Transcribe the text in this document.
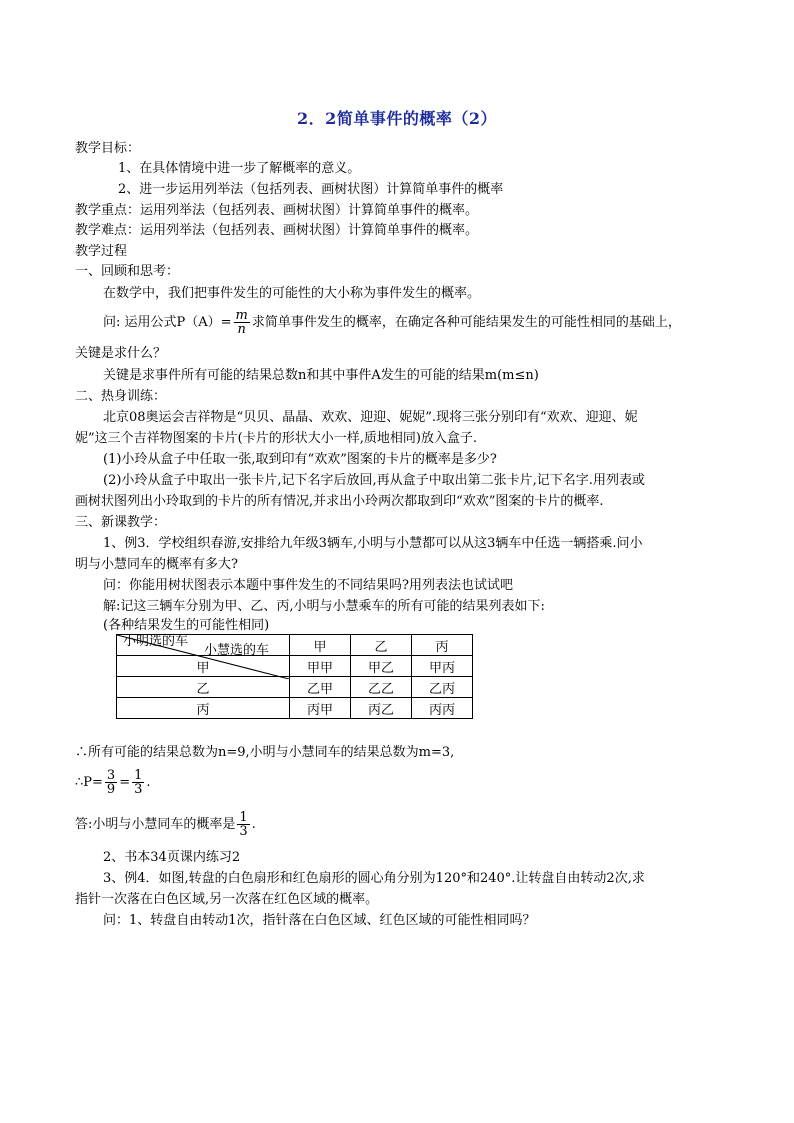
2．2简单事件的概率（2）
教学目标：
1、在具体情境中进一步了解概率的意义。
2、进一步运用列举法（包括列表、画树状图）计算简单事件的概率
教学重点：运用列举法（包括列表、画树状图）计算简单事件的概率。
教学难点：运用列举法（包括列表、画树状图）计算简单事件的概率。
教学过程
一、回顾和思考：
在数学中，我们把事件发生的可能性的大小称为事件发生的概率。
问: 运用公式$P(A)= \frac{m}{n}$ 求简单事件发生的概率，在确定各种可能结果发生的可能性相同的基础上，
关键是求什么？
关键是求事件所有可能的结果总数n和其中事件A发生的可能的结果m(m≤n)
二、热身训练：
北京08奥运会吉祥物是“贝贝、晶晶、欢欢、迎迎、妮妮”.现将三张分别印有“欢欢、迎迎、妮
妮”这三个吉祥物图案的卡片(卡片的形状大小一样,质地相同)放入盒子.
(1)小玲从盒子中任取一张,取到印有“欢欢”图案的卡片的概率是多少?
(2)小玲从盒子中取出一张卡片,记下名字后放回,再从盒子中取出第二张卡片,记下名字.用列表或
画树状图列出小玲取到的卡片的所有情况,并求出小玲两次都取到印“欢欢”图案的卡片的概率.
三、新课教学：
1、例3．学校组织春游,安排给九年级3辆车,小明与小慧都可以从这3辆车中任选一辆搭乘.问小
明与小慧同车的概率有多大?
问：你能用树状图表示本题中事件发生的不同结果吗?用列表法也试试吧
解:记这三辆车分别为甲、乙、丙,小明与小慧乘车的所有可能的结果列表如下:
(各种结果发生的可能性相同)
小慧选的车
小明选的车	甲	乙	丙
甲	甲甲	甲乙	甲丙
乙	乙甲	乙乙	乙丙
丙	丙甲	丙乙	丙丙
∴所有可能的结果总数为n=9,小明与小慧同车的结果总数为m=3,
∴P= $\frac{3}{9} = \frac{1}{3}$ .
答:小明与小慧同车的概率是 $\frac{1}{3}$ .
2、书本34页课内练习2
3、例4．如图,转盘的白色扇形和红色扇形的圆心角分别为120°和240°.让转盘自由转动2次,求
指针一次落在白色区域,另一次落在红色区域的概率。
问：1、转盘自由转动1次，指针落在白色区域、红色区域的可能性相同吗？
